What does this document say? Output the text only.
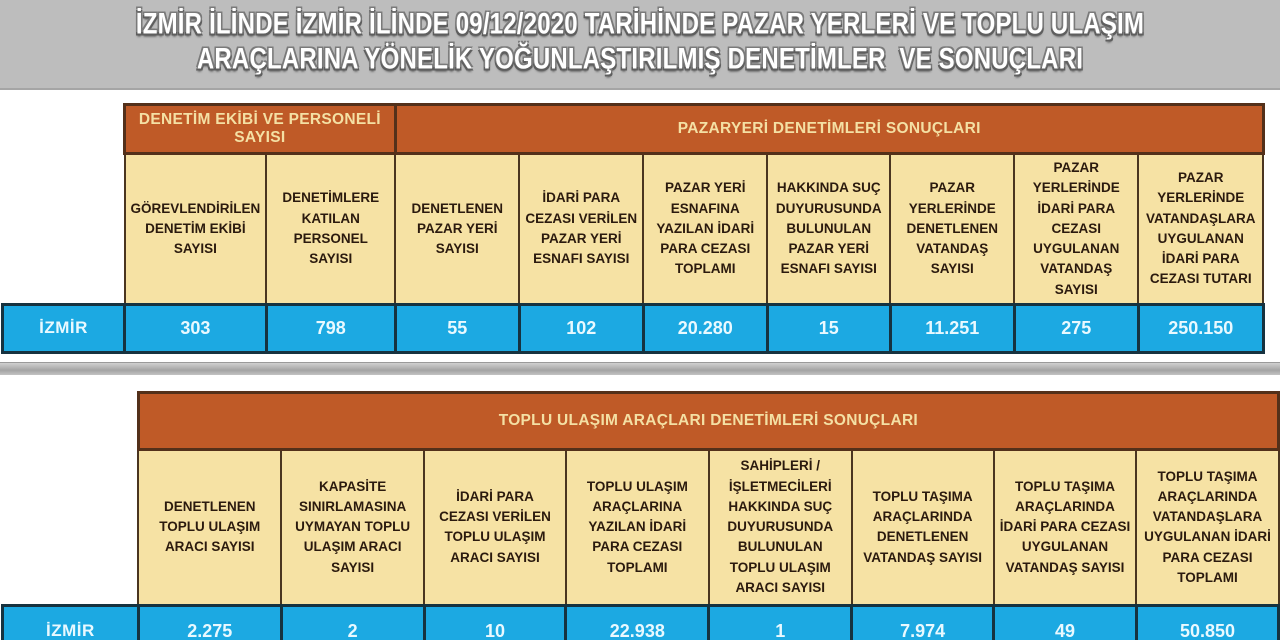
İZMİR İLİNDE İZMİR İLİNDE 09/12/2020 TARİHİNDE PAZAR YERLERİ VE TOPLU ULAŞIM
ARAÇLARINA YÖNELİK YOĞUNLAŞTIRILMIŞ DENETİMLER  VE SONUÇLARI
	DENETİM EKİBİ VE PERSONELİ SAYISI		PAZARYERİ DENETİMLERİ SONUÇLARI						
	GÖREVLENDİRİLEN DENETİM EKİBİ SAYISI	DENETİMLERE KATILAN PERSONEL SAYISI	DENETLENEN PAZAR YERİ SAYISI	İDARİ PARA CEZASI VERİLEN PAZAR YERİ ESNAFI SAYISI	PAZAR YERİ ESNAFINA YAZILAN İDARİ PARA CEZASI TOPLAMI	HAKKINDA SUÇ DUYURUSUNDA BULUNULAN PAZAR YERİ ESNAFI SAYISI	PAZAR YERLERİNDE DENETLENEN VATANDAŞ SAYISI	PAZAR YERLERİNDE İDARİ PARA CEZASI UYGULANAN VATANDAŞ SAYISI	PAZAR YERLERİNDE VATANDAŞLARA UYGULANAN İDARİ PARA CEZASI TUTARI
İZMİR	303	798	55	102	20.280	15	11.251	275	250.150
	TOPLU ULAŞIM ARAÇLARI DENETİMLERİ SONUÇLARI							
	DENETLENEN TOPLU ULAŞIM ARACI SAYISI	KAPASİTE SINIRLAMASINA UYMAYAN TOPLU ULAŞIM ARACI SAYISI	İDARİ PARA CEZASI VERİLEN TOPLU ULAŞIM ARACI SAYISI	TOPLU ULAŞIM ARAÇLARINA YAZILAN İDARİ PARA CEZASI TOPLAMI	SAHİPLERİ / İŞLETMECİLERİ HAKKINDA SUÇ DUYURUSUNDA BULUNULAN TOPLU ULAŞIM ARACI SAYISI	TOPLU TAŞIMA ARAÇLARINDA DENETLENEN VATANDAŞ SAYISI	TOPLU TAŞIMA ARAÇLARINDA İDARİ PARA CEZASI UYGULANAN VATANDAŞ SAYISI	TOPLU TAŞIMA ARAÇLARINDA VATANDAŞLARA UYGULANAN İDARİ PARA CEZASI TOPLAMI
İZMİR	2.275	2	10	22.938	1	7.974	49	50.850
